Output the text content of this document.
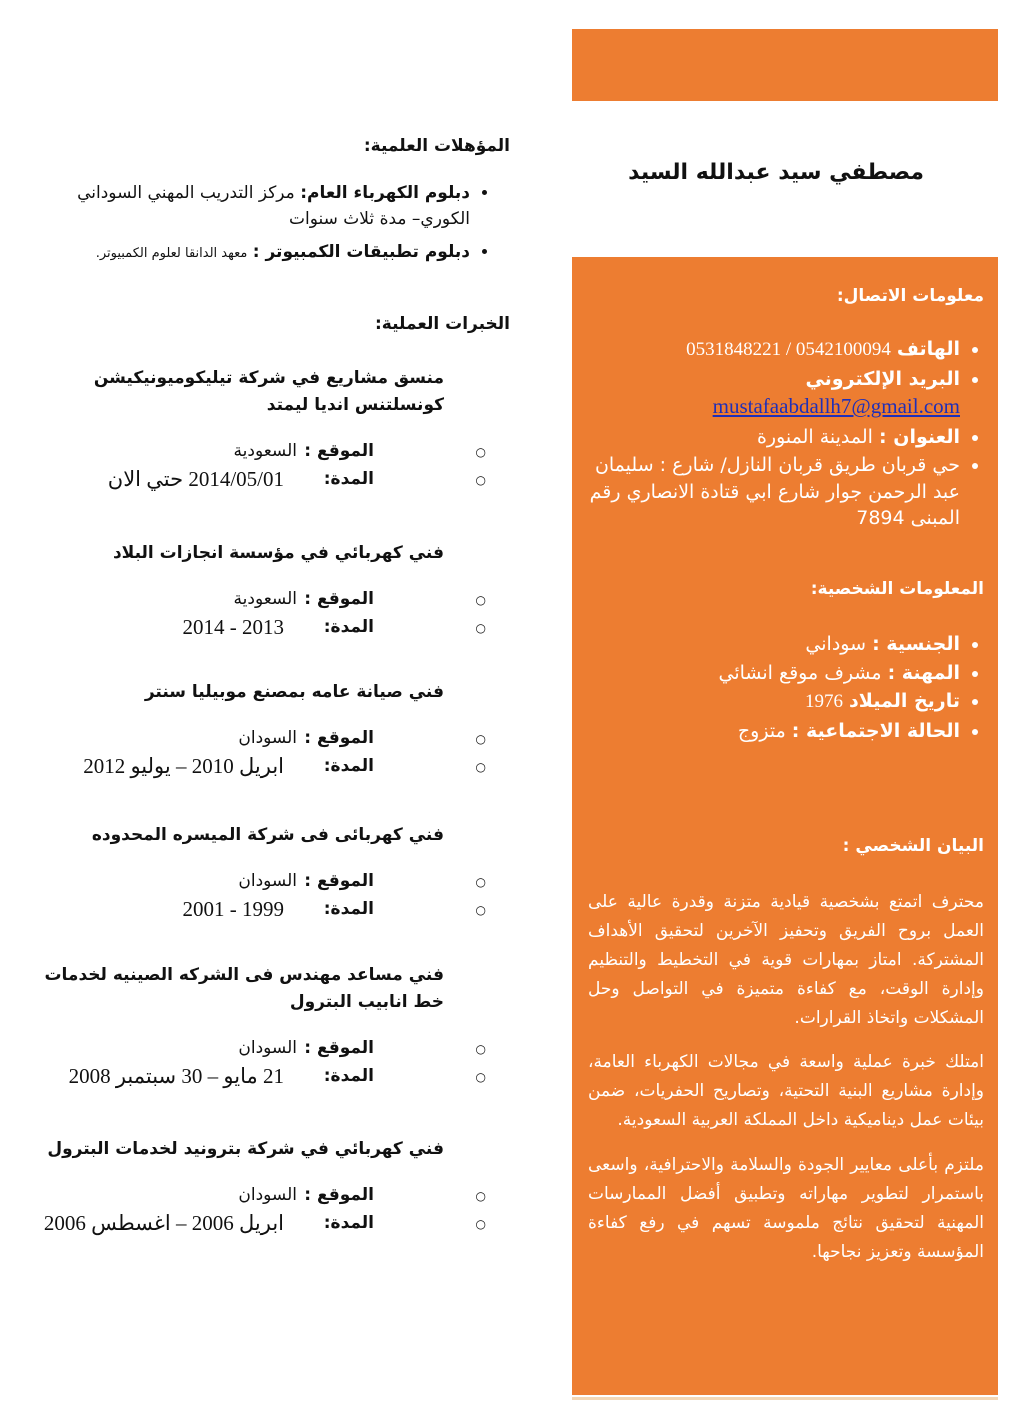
مصطفي سيد عبدالله السيد
معلومات الاتصال:
• الهاتف 0542100094 / 0531848221
• البريد الإلكتروني
mustafaabdallh7@gmail.com
• العنوان : المدينة المنورة
• حي قربان طريق قربان النازل/ شارع : سليمان عبد الرحمن جوار شارع ابي قتادة الانصاري رقم المبنى 7894
المعلومات الشخصية:
• الجنسية : سوداني
• المهنة : مشرف موقع انشائي
• تاريخ الميلاد 1976
• الحالة الاجتماعية : متزوج
البيان الشخصي :

محترف اتمتع بشخصية قيادية متزنة وقدرة عالية على العمل بروح الفريق وتحفيز الآخرين لتحقيق الأهداف المشتركة. امتاز بمهارات قوية في التخطيط والتنظيم وإدارة الوقت، مع كفاءة متميزة في التواصل وحل المشكلات واتخاذ القرارات.

امتلك خبرة عملية واسعة في مجالات الكهرباء العامة، وإدارة مشاريع البنية التحتية، وتصاريح الحفريات، ضمن بيئات عمل ديناميكية داخل المملكة العربية السعودية.

ملتزم بأعلى معايير الجودة والسلامة والاحترافية، واسعى باستمرار لتطوير مهاراته وتطبيق أفضل الممارسات المهنية لتحقيق نتائج ملموسة تسهم في رفع كفاءة المؤسسة وتعزيز نجاحها.

المؤهلات العلمية:
• دبلوم الكهرباء العام: مركز التدريب المهني السوداني الكوري– مدة ثلاث سنوات
• دبلوم تطبيقات الكمبيوتر : معهد الدانقا لعلوم الكمبيوتر.
الخبرات العملية:

منسق مشاريع في شركة تيليكوميونيكيشن كونسلتنس انديا ليمتد

○
الموقع :
السعودية
○
المدة:
2014/05/01 حتي الان

فني كهربائي في مؤسسة انجازات البلاد

○
الموقع :
السعودية
○
المدة:
2013 - 2014

فني صيانة عامه بمصنع موبيليا سنتر

○
الموقع :
السودان
○
المدة:
ابريل 2010 – يوليو 2012

فني كهربائى فى شركة الميسره المحدوده

○
الموقع :
السودان
○
المدة:
1999 - 2001

فني مساعد مهندس فى الشركه الصينيه لخدمات خط انابيب البترول

○
الموقع :
السودان
○
المدة:
21 مايو – 30 سبتمبر 2008

فني كهربائي في شركة بترونيد لخدمات البترول

○
الموقع :
السودان
○
المدة:
ابريل 2006 – اغسطس 2006
